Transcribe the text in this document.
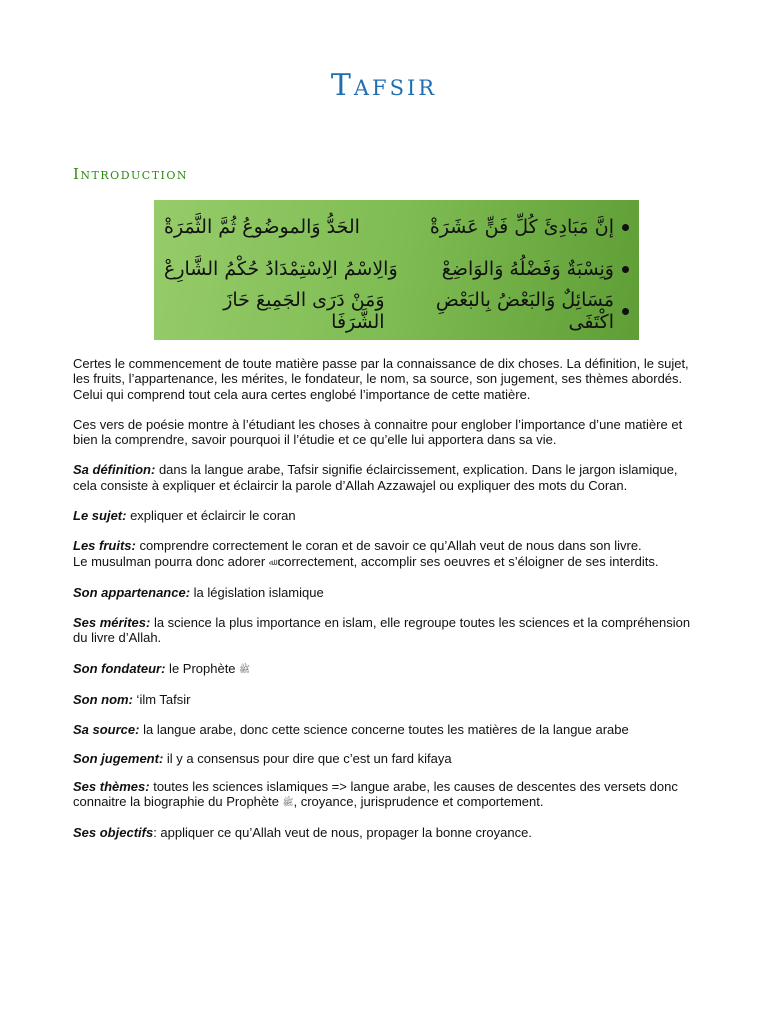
Tafsir
Introduction
إنَّ مَبَادِئَ كُلِّ فَنٍّ عَشَرَةْ
الحَدُّ وَالموضُوعُ ثُمَّ الثَّمَرَةْ
وَنِسْبَةٌ وَفَضْلُهُ وَالوَاضِعْ
وَالِاسْمُ الِاسْتِمْدَادُ حُكْمُ الشَّارِعْ
مَسَائِلٌ وَالبَعْضُ بِالبَعْضِ اكْتَفَى
وَمَنْ دَرَى الجَمِيعَ حَازَ الشَّرَفَا

Certes le commencement de toute matière passe par la connaissance de dix choses. La définition, le sujet, les fruits, l’appartenance, les mérites, le fondateur, le nom, sa source, son jugement, ses thèmes abordés. Celui qui comprend tout cela aura certes englobé l’importance de cette matière.

Ces vers de poésie montre à l’étudiant les choses à connaitre pour englober l’importance d’une matière et bien la comprendre, savoir pourquoi il l’étudie et ce qu’elle lui apportera dans sa vie.

Sa définition: dans la langue arabe, Tafsir signifie éclaircissement, explication. Dans le jargon islamique, cela consiste à expliquer et éclaircir la parole d’Allah Azzawajel ou expliquer des mots du Coran.

Le sujet: expliquer et éclaircir le coran

Les fruits: comprendre correctement le coran et de savoir ce qu’Allah veut de nous dans son livre.
Le musulman pourra donc adorer ﷲ correctement, accomplir ses oeuvres et s’éloigner de ses interdits.

Son appartenance: la législation islamique

Ses mérites: la science la plus importance en islam, elle regroupe toutes les sciences et la compréhension du livre d’Allah.

Son fondateur: le Prophète ﷺ

Son nom: ‘ilm Tafsir

Sa source: la langue arabe, donc cette science concerne toutes les matières de la langue arabe

Son jugement: il y a consensus pour dire que c’est un fard kifaya

Ses thèmes: toutes les sciences islamiques => langue arabe, les causes de descentes des versets donc connaitre la biographie du Prophète ﷺ, croyance, jurisprudence et comportement.

Ses objectifs: appliquer ce qu’Allah veut de nous, propager la bonne croyance.
